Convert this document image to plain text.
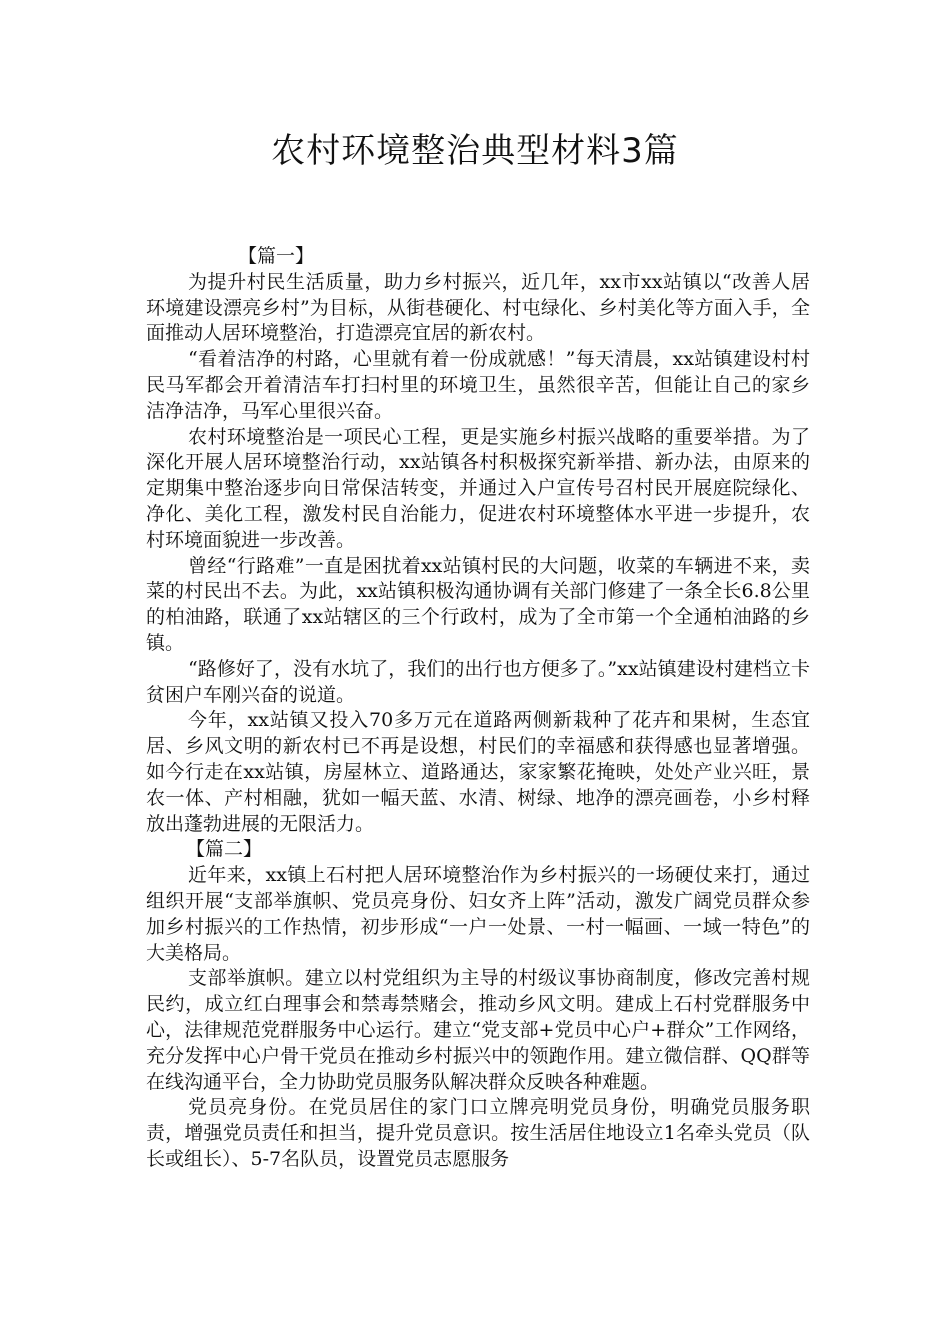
农村环境整治典型材料3篇

【篇一】

为提升村民生活质量，助力乡村振兴，近几年，xx市xx站镇以“改善人居环境建设漂亮乡村”为目标，从街巷硬化、村屯绿化、乡村美化等方面入手，全面推动人居环境整治，打造漂亮宜居的新农村。

“看着洁净的村路，心里就有着一份成就感！”每天清晨，xx站镇建设村村民马军都会开着清洁车打扫村里的环境卫生，虽然很辛苦，但能让自己的家乡洁净洁净，马军心里很兴奋。

农村环境整治是一项民心工程，更是实施乡村振兴战略的重要举措。为了深化开展人居环境整治行动，xx站镇各村积极探究新举措、新办法，由原来的定期集中整治逐步向日常保洁转变，并通过入户宣传号召村民开展庭院绿化、净化、美化工程，激发村民自治能力，促进农村环境整体水平进一步提升，农村环境面貌进一步改善。

曾经“行路难”一直是困扰着xx站镇村民的大问题，收菜的车辆进不来，卖菜的村民出不去。为此，xx站镇积极沟通协调有关部门修建了一条全长6.8公里的柏油路，联通了xx站辖区的三个行政村，成为了全市第一个全通柏油路的乡镇。

“路修好了，没有水坑了，我们的出行也方便多了。”xx站镇建设村建档立卡贫困户车刚兴奋的说道。

今年，xx站镇又投入70多万元在道路两侧新栽种了花卉和果树，生态宜居、乡风文明的新农村已不再是设想，村民们的幸福感和获得感也显著增强。如今行走在xx站镇，房屋林立、道路通达，家家繁花掩映，处处产业兴旺，景农一体、产村相融，犹如一幅天蓝、水清、树绿、地净的漂亮画卷，小乡村释放出蓬勃进展的无限活力。

【篇二】

近年来，xx镇上石村把人居环境整治作为乡村振兴的一场硬仗来打，通过组织开展“支部举旗帜、党员亮身份、妇女齐上阵”活动，激发广阔党员群众参加乡村振兴的工作热情，初步形成“一户一处景、一村一幅画、一域一特色”的大美格局。

支部举旗帜。建立以村党组织为主导的村级议事协商制度，修改完善村规民约，成立红白理事会和禁毒禁赌会，推动乡风文明。建成上石村党群服务中心，法律规范党群服务中心运行。建立“党支部+党员中心户+群众”工作网络，充分发挥中心户骨干党员在推动乡村振兴中的领跑作用。建立微信群、QQ群等在线沟通平台，全力协助党员服务队解决群众反映各种难题。

党员亮身份。在党员居住的家门口立牌亮明党员身份，明确党员服务职责，增强党员责任和担当，提升党员意识。按生活居住地设立1名牵头党员（队长或组长）、5-7名队员，设置党员志愿服务
